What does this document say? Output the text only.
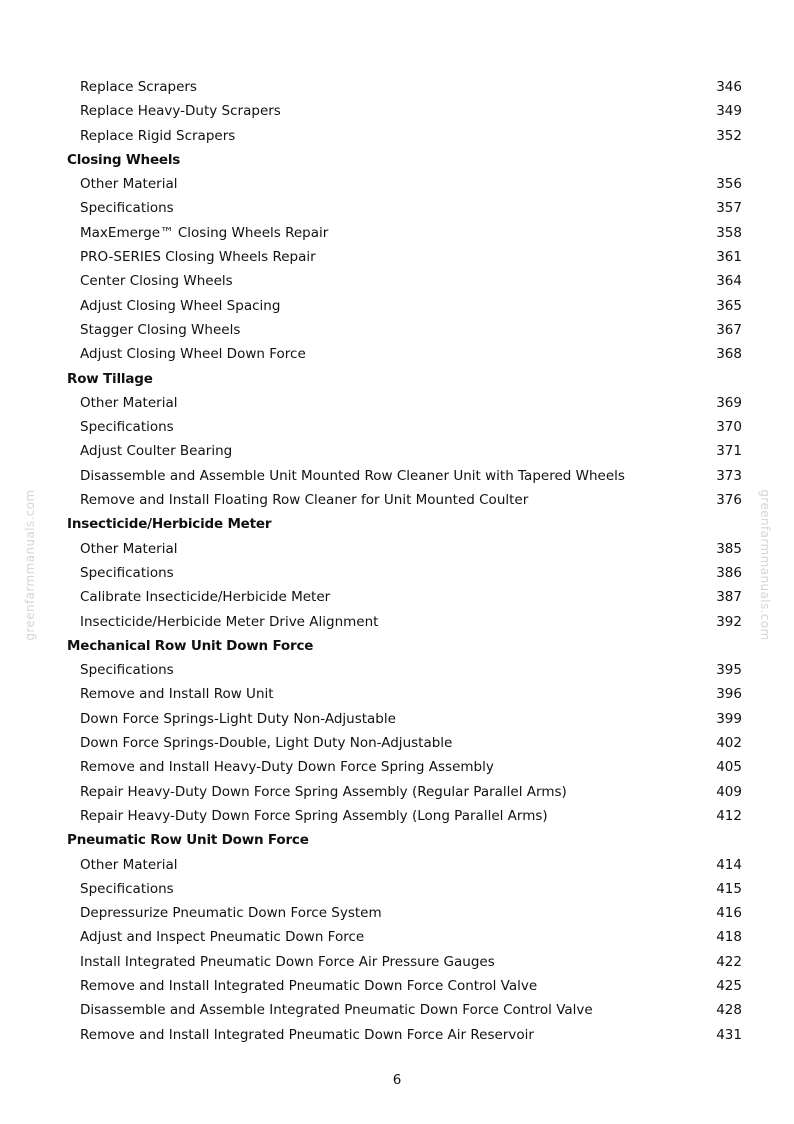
greenfarmmanuals.com	greenfarmmanuals.com
Replace Scrapers	346
Replace Heavy-Duty Scrapers	349
Replace Rigid Scrapers	352
Closing Wheels
Other Material	356
Specifications	357
MaxEmerge™ Closing Wheels Repair	358
PRO-SERIES Closing Wheels Repair	361
Center Closing Wheels	364
Adjust Closing Wheel Spacing	365
Stagger Closing Wheels	367
Adjust Closing Wheel Down Force	368
Row Tillage
Other Material	369
Specifications	370
Adjust Coulter Bearing	371
Disassemble and Assemble Unit Mounted Row Cleaner Unit with Tapered Wheels	373
Remove and Install Floating Row Cleaner for Unit Mounted Coulter	376
Insecticide/Herbicide Meter
Other Material	385
Specifications	386
Calibrate Insecticide/Herbicide Meter	387
Insecticide/Herbicide Meter Drive Alignment	392
Mechanical Row Unit Down Force
Specifications	395
Remove and Install Row Unit	396
Down Force Springs-Light Duty Non-Adjustable	399
Down Force Springs-Double, Light Duty Non-Adjustable	402
Remove and Install Heavy-Duty Down Force Spring Assembly	405
Repair Heavy-Duty Down Force Spring Assembly (Regular Parallel Arms)	409
Repair Heavy-Duty Down Force Spring Assembly (Long Parallel Arms)	412
Pneumatic Row Unit Down Force
Other Material	414
Specifications	415
Depressurize Pneumatic Down Force System	416
Adjust and Inspect Pneumatic Down Force	418
Install Integrated Pneumatic Down Force Air Pressure Gauges	422
Remove and Install Integrated Pneumatic Down Force Control Valve	425
Disassemble and Assemble Integrated Pneumatic Down Force Control Valve	428
Remove and Install Integrated Pneumatic Down Force Air Reservoir	431
6
